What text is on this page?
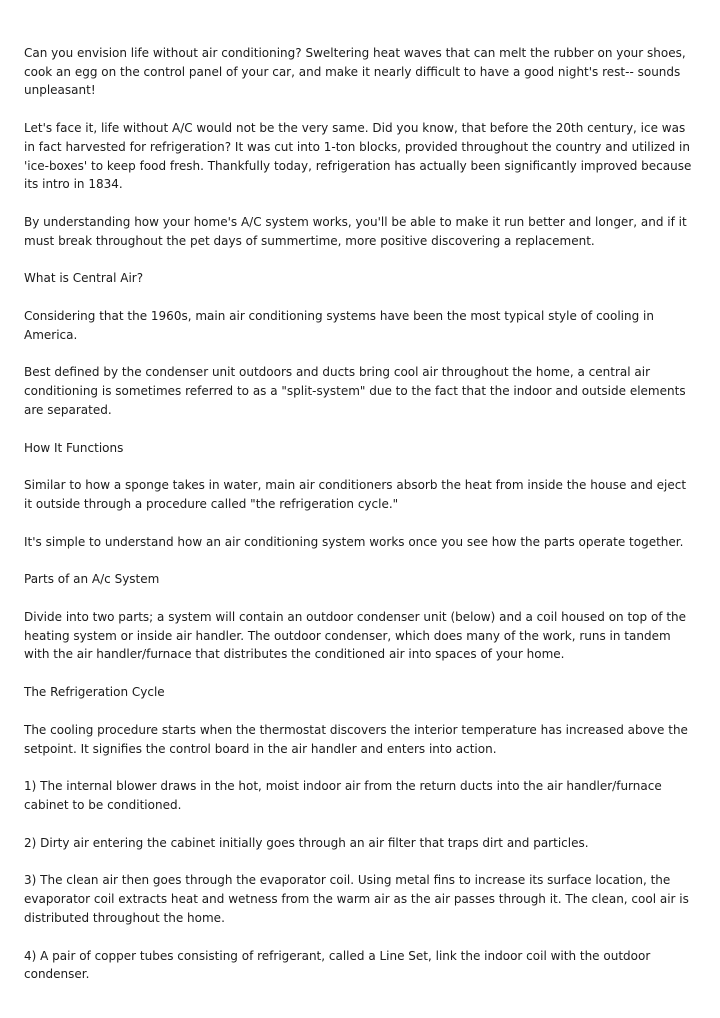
Can you envision life without air conditioning? Sweltering heat waves that can melt the rubber on your shoes, cook an egg on the control panel of your car, and make it nearly difficult to have a good night's rest-- sounds unpleasant!

Let's face it, life without A/C would not be the very same. Did you know, that before the 20th century, ice was in fact harvested for refrigeration? It was cut into 1-ton blocks, provided throughout the country and utilized in 'ice-boxes' to keep food fresh. Thankfully today, refrigeration has actually been significantly improved because its intro in 1834.

By understanding how your home's A/C system works, you'll be able to make it run better and longer, and if it must break throughout the pet days of summertime, more positive discovering a replacement.

What is Central Air?

Considering that the 1960s, main air conditioning systems have been the most typical style of cooling in America.

Best defined by the condenser unit outdoors and ducts bring cool air throughout the home, a central air conditioning is sometimes referred to as a "split-system" due to the fact that the indoor and outside elements are separated.

How It Functions

Similar to how a sponge takes in water, main air conditioners absorb the heat from inside the house and eject it outside through a procedure called "the refrigeration cycle."

It's simple to understand how an air conditioning system works once you see how the parts operate together.

Parts of an A/c System

Divide into two parts; a system will contain an outdoor condenser unit (below) and a coil housed on top of the heating system or inside air handler. The outdoor condenser, which does many of the work, runs in tandem with the air handler/furnace that distributes the conditioned air into spaces of your home.

The Refrigeration Cycle

The cooling procedure starts when the thermostat discovers the interior temperature has increased above the setpoint. It signifies the control board in the air handler and enters into action.

1) The internal blower draws in the hot, moist indoor air from the return ducts into the air handler/furnace cabinet to be conditioned.

2) Dirty air entering the cabinet initially goes through an air filter that traps dirt and particles.

3) The clean air then goes through the evaporator coil. Using metal fins to increase its surface location, the evaporator coil extracts heat and wetness from the warm air as the air passes through it. The clean, cool air is distributed throughout the home.

4) A pair of copper tubes consisting of refrigerant, called a Line Set, link the indoor coil with the outdoor condenser.
